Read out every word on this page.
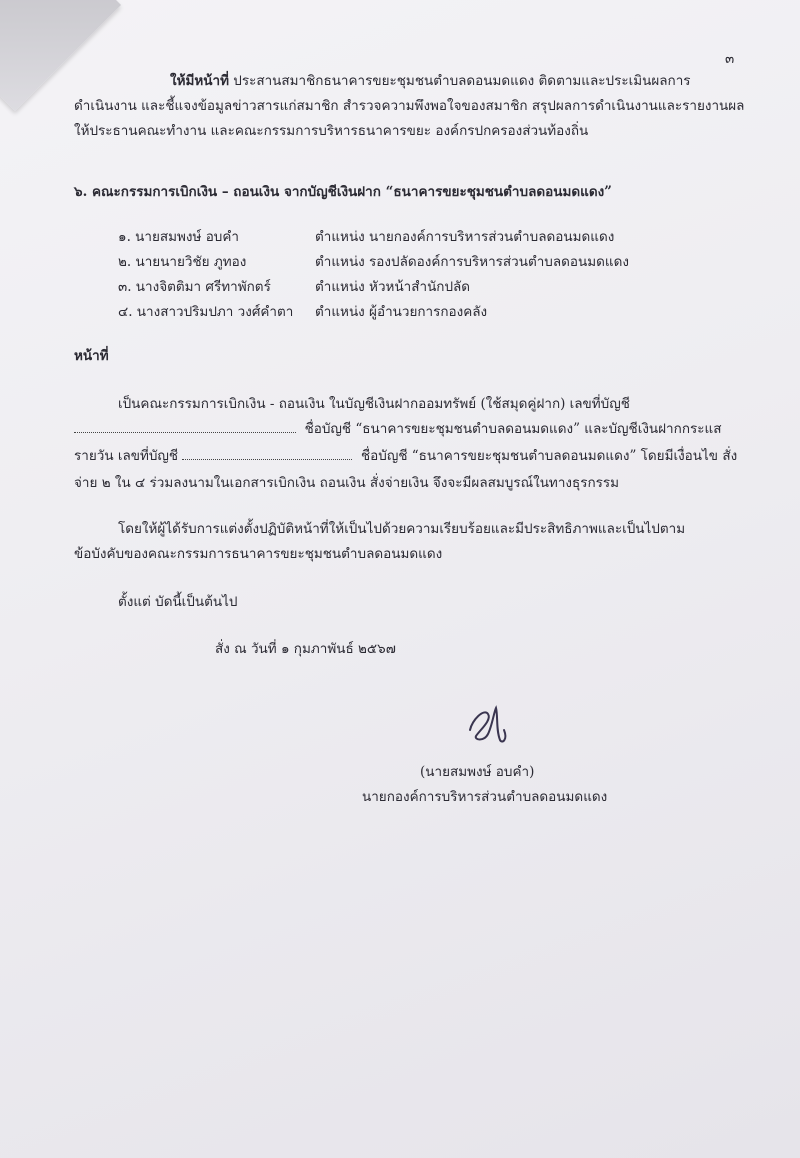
๓
ให้มีหน้าที่ ประสานสมาชิกธนาคารขยะชุมชนตำบลดอนมดแดง ติดตามและประเมินผลการ
ดำเนินงาน และชี้แจงข้อมูลข่าวสารแก่สมาชิก สำรวจความพึงพอใจของสมาชิก สรุปผลการดำเนินงานและรายงานผล
ให้ประธานคณะทำงาน และคณะกรรมการบริหารธนาคารขยะ องค์กรปกครองส่วนท้องถิ่น
๖. คณะกรรมการเบิกเงิน – ถอนเงิน จากบัญชีเงินฝาก “ธนาคารขยะชุมชนตำบลดอนมดแดง”
๑. นายสมพงษ์ อบคำ	ตำแหน่ง นายกองค์การบริหารส่วนตำบลดอนมดแดง
๒. นายนายวิชัย ภูทอง	ตำแหน่ง รองปลัดองค์การบริหารส่วนตำบลดอนมดแดง
๓. นางจิตติมา ศรีทาพักตร์	ตำแหน่ง หัวหน้าสำนักปลัด
๔. นางสาวปริมปภา วงศ์คำตา ตำแหน่ง ผู้อำนวยการกองคลัง
หน้าที่
เป็นคณะกรรมการเบิกเงิน - ถอนเงิน ในบัญชีเงินฝากออมทรัพย์ (ใช้สมุดคู่ฝาก) เลขที่บัญชี
ชื่อบัญชี “ธนาคารขยะชุมชนตำบลดอนมดแดง” และบัญชีเงินฝากกระแส
รายวัน เลขที่บัญชี	ชื่อบัญชี “ธนาคารขยะชุมชนตำบลดอนมดแดง” โดยมีเงื่อนไข สั่ง
จ่าย ๒ ใน ๔ ร่วมลงนามในเอกสารเบิกเงิน ถอนเงิน สั่งจ่ายเงิน จึงจะมีผลสมบูรณ์ในทางธุรกรรม
โดยให้ผู้ได้รับการแต่งตั้งปฏิบัติหน้าที่ให้เป็นไปด้วยความเรียบร้อยและมีประสิทธิภาพและเป็นไปตาม
ข้อบังคับของคณะกรรมการธนาคารขยะชุมชนตำบลดอนมดแดง
ตั้งแต่ บัดนี้เป็นต้นไป
สั่ง ณ วันที่ ๑ กุมภาพันธ์ ๒๕๖๗
(นายสมพงษ์ อบคำ)
นายกองค์การบริหารส่วนตำบลดอนมดแดง
